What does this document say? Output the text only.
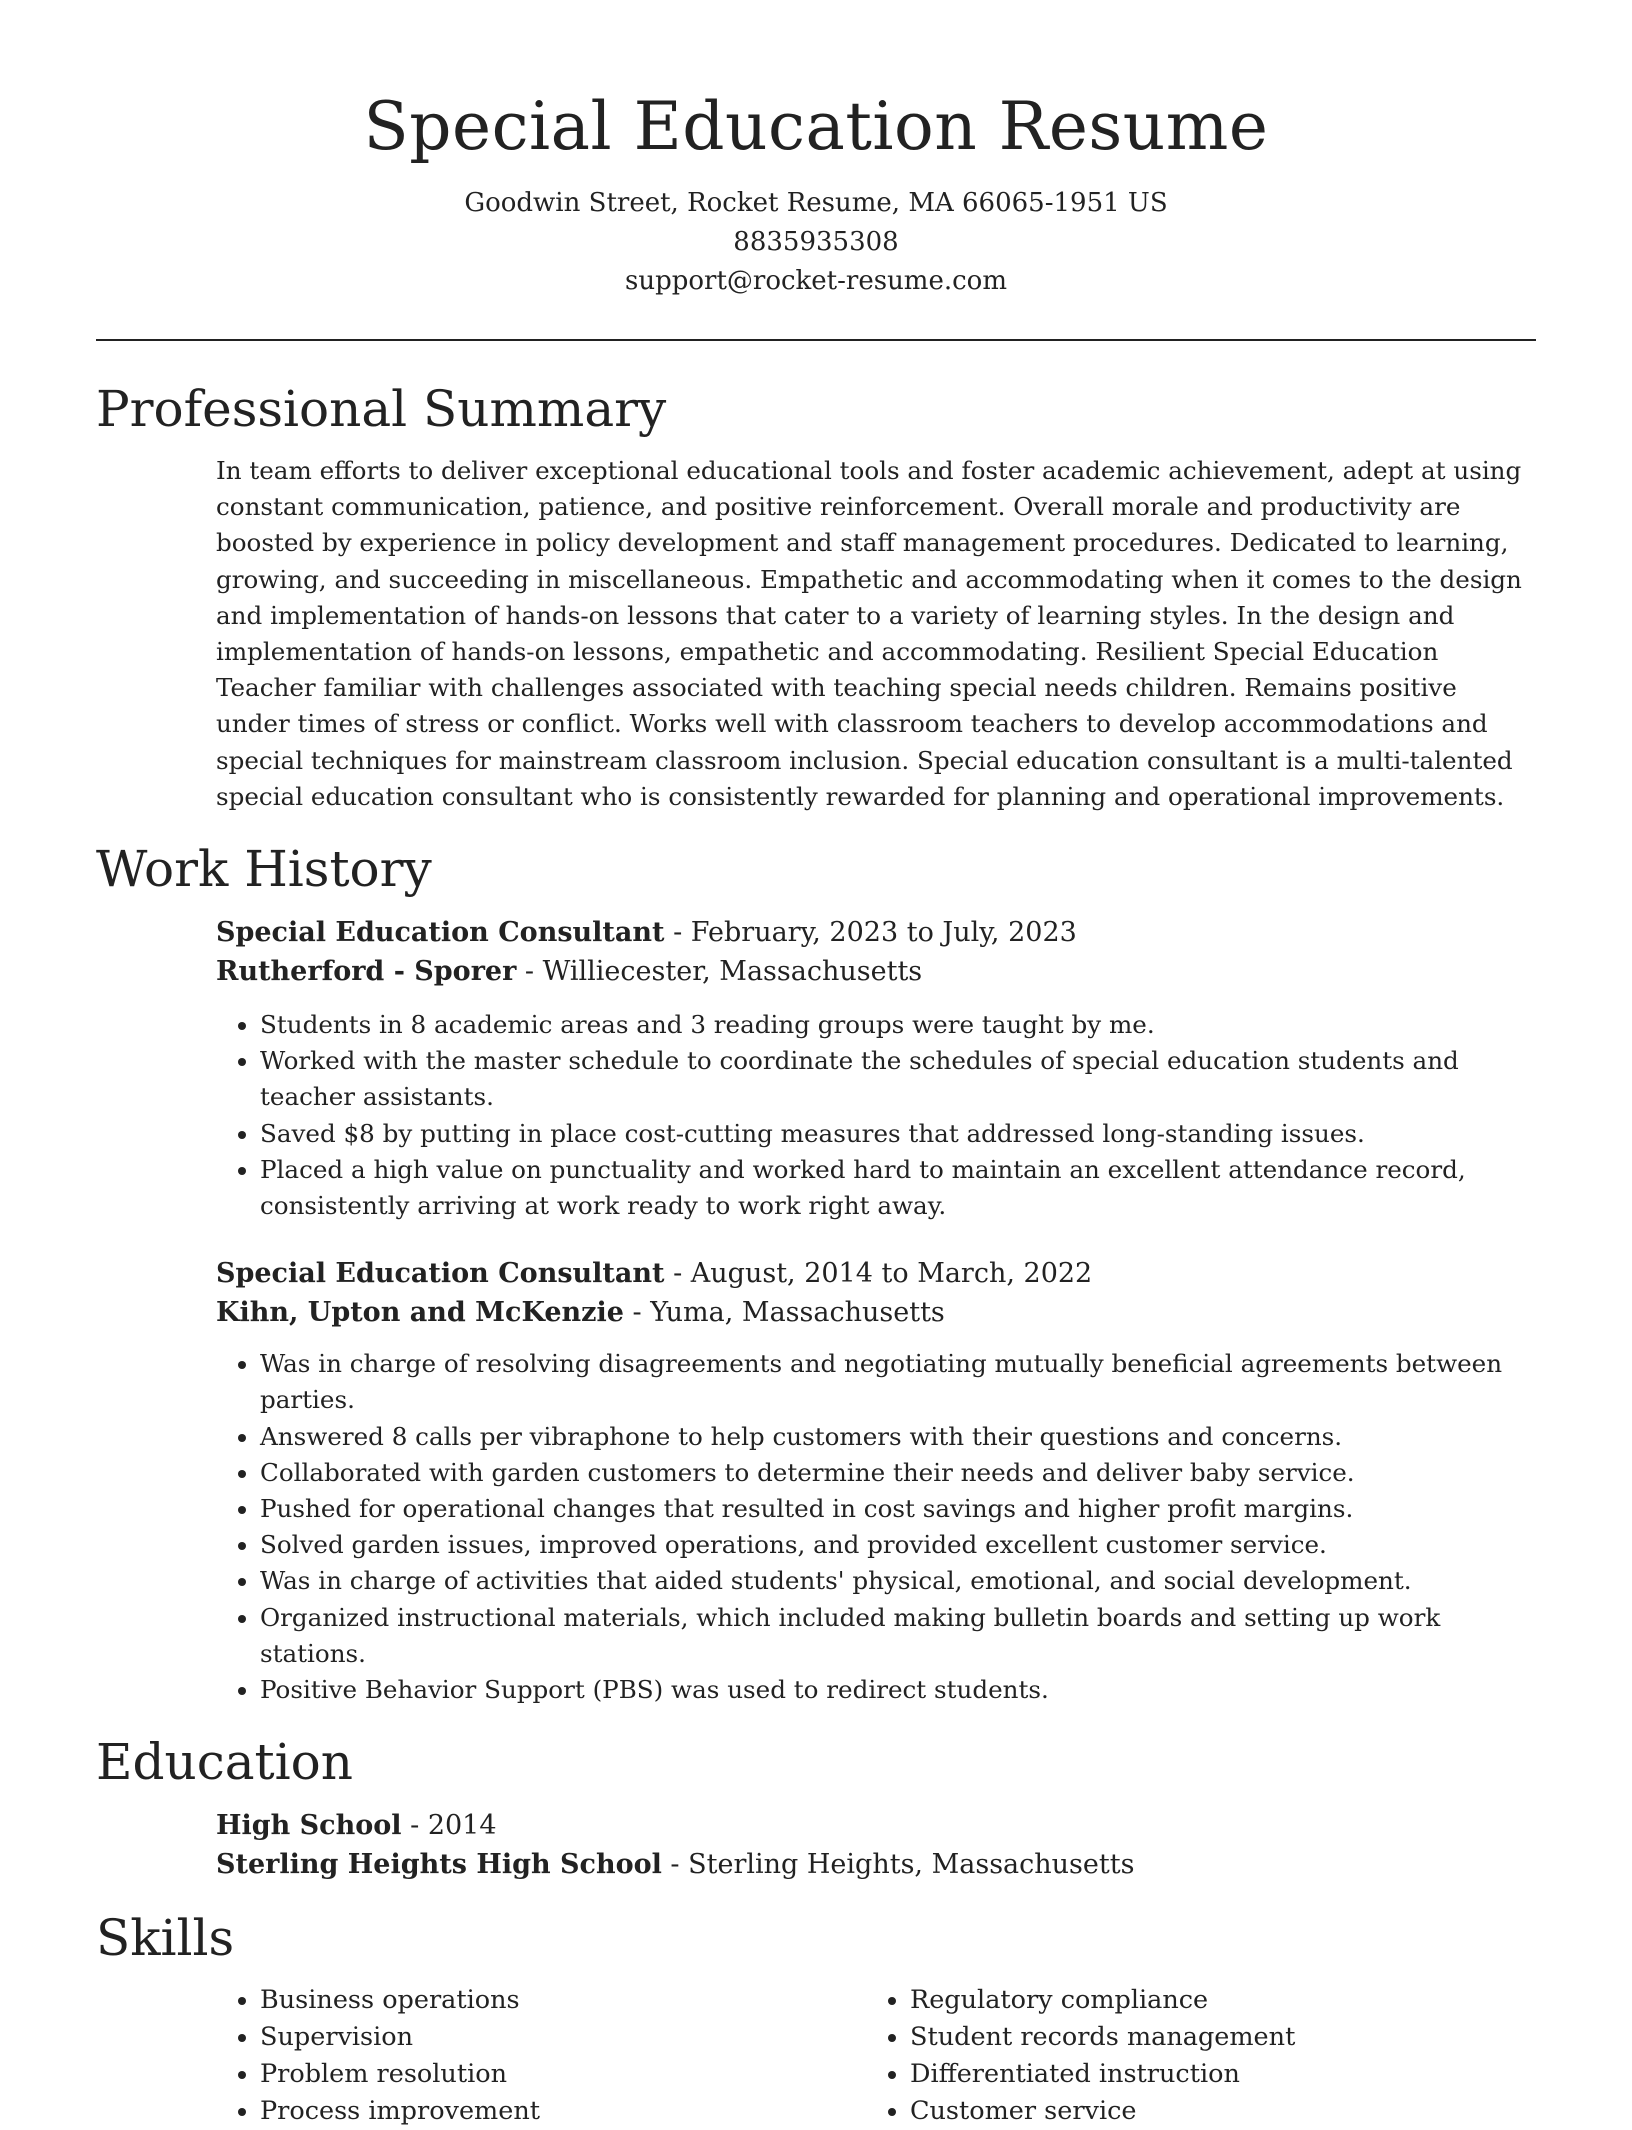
Special Education Resume

Goodwin Street, Rocket Resume, MA 66065-1951 US

8835935308

support@rocket-resume.com

Professional Summary

In team efforts to deliver exceptional educational tools and foster academic achievement, adept at using constant communication, patience, and positive reinforcement. Overall morale and productivity are boosted by experience in policy development and staff management procedures. Dedicated to learning, growing, and succeeding in miscellaneous. Empathetic and accommodating when it comes to the design and implementation of hands-on lessons that cater to a variety of learning styles. In the design and implementation of hands-on lessons, empathetic and accommodating. Resilient Special Education Teacher familiar with challenges associated with teaching special needs children. Remains positive under times of stress or conflict. Works well with classroom teachers to develop accommodations and special techniques for mainstream classroom inclusion. Special education consultant is a multi-talented special education consultant who is consistently rewarded for planning and operational improvements.

Work History

Special Education Consultant - February, 2023 to July, 2023

Rutherford - Sporer - Williecester, Massachusetts

• Students in 8 academic areas and 3 reading groups were taught by me.
• Worked with the master schedule to coordinate the schedules of special education students and teacher assistants.
• Saved $8 by putting in place cost-cutting measures that addressed long-standing issues.
• Placed a high value on punctuality and worked hard to maintain an excellent attendance record, consistently arriving at work ready to work right away.

Special Education Consultant - August, 2014 to March, 2022

Kihn, Upton and McKenzie - Yuma, Massachusetts

• Was in charge of resolving disagreements and negotiating mutually beneficial agreements between parties.
• Answered 8 calls per vibraphone to help customers with their questions and concerns.
• Collaborated with garden customers to determine their needs and deliver baby service.
• Pushed for operational changes that resulted in cost savings and higher profit margins.
• Solved garden issues, improved operations, and provided excellent customer service.
• Was in charge of activities that aided students' physical, emotional, and social development.
• Organized instructional materials, which included making bulletin boards and setting up work stations.
• Positive Behavior Support (PBS) was used to redirect students.
Education

High School - 2014

Sterling Heights High School - Sterling Heights, Massachusetts

Skills
• Business operations
• Supervision
• Problem resolution
• Process improvement
• Regulatory compliance
• Student records management
• Differentiated instruction
• Customer service
